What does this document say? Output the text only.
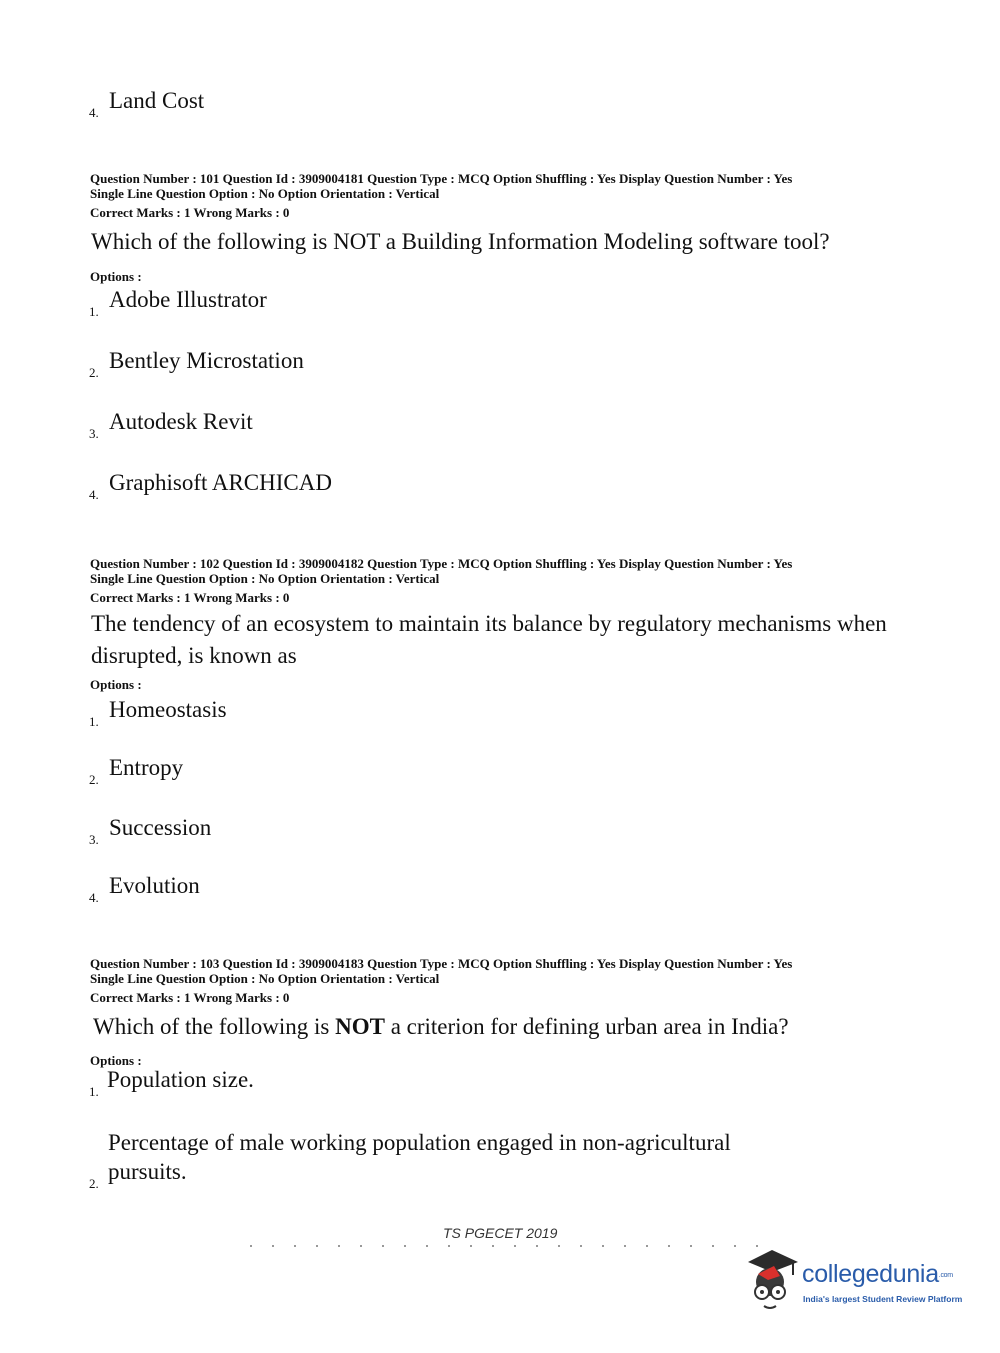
4. Land Cost
Question Number : 101 Question Id : 3909004181 Question Type : MCQ Option Shuffling : Yes Display Question Number : Yes
Single Line Question Option : No Option Orientation : Vertical
Correct Marks : 1 Wrong Marks : 0
Which of the following is NOT a Building Information Modeling software tool?
Options :
1. Adobe Illustrator
2. Bentley Microstation
3. Autodesk Revit
4. Graphisoft ARCHICAD
Question Number : 102 Question Id : 3909004182 Question Type : MCQ Option Shuffling : Yes Display Question Number : Yes
Single Line Question Option : No Option Orientation : Vertical
Correct Marks : 1 Wrong Marks : 0
The tendency of an ecosystem to maintain its balance by regulatory mechanisms when disrupted, is known as
Options :
1. Homeostasis
2. Entropy
3. Succession
4. Evolution
Question Number : 103 Question Id : 3909004183 Question Type : MCQ Option Shuffling : Yes Display Question Number : Yes
Single Line Question Option : No Option Orientation : Vertical
Correct Marks : 1 Wrong Marks : 0
Which of the following is NOT a criterion for defining urban area in India?
Options :
1. Population size.
Percentage of male working population engaged in non-agricultural
2. pursuits.
TS PGECET 2019
collegedunia.com
India's largest Student Review Platform
